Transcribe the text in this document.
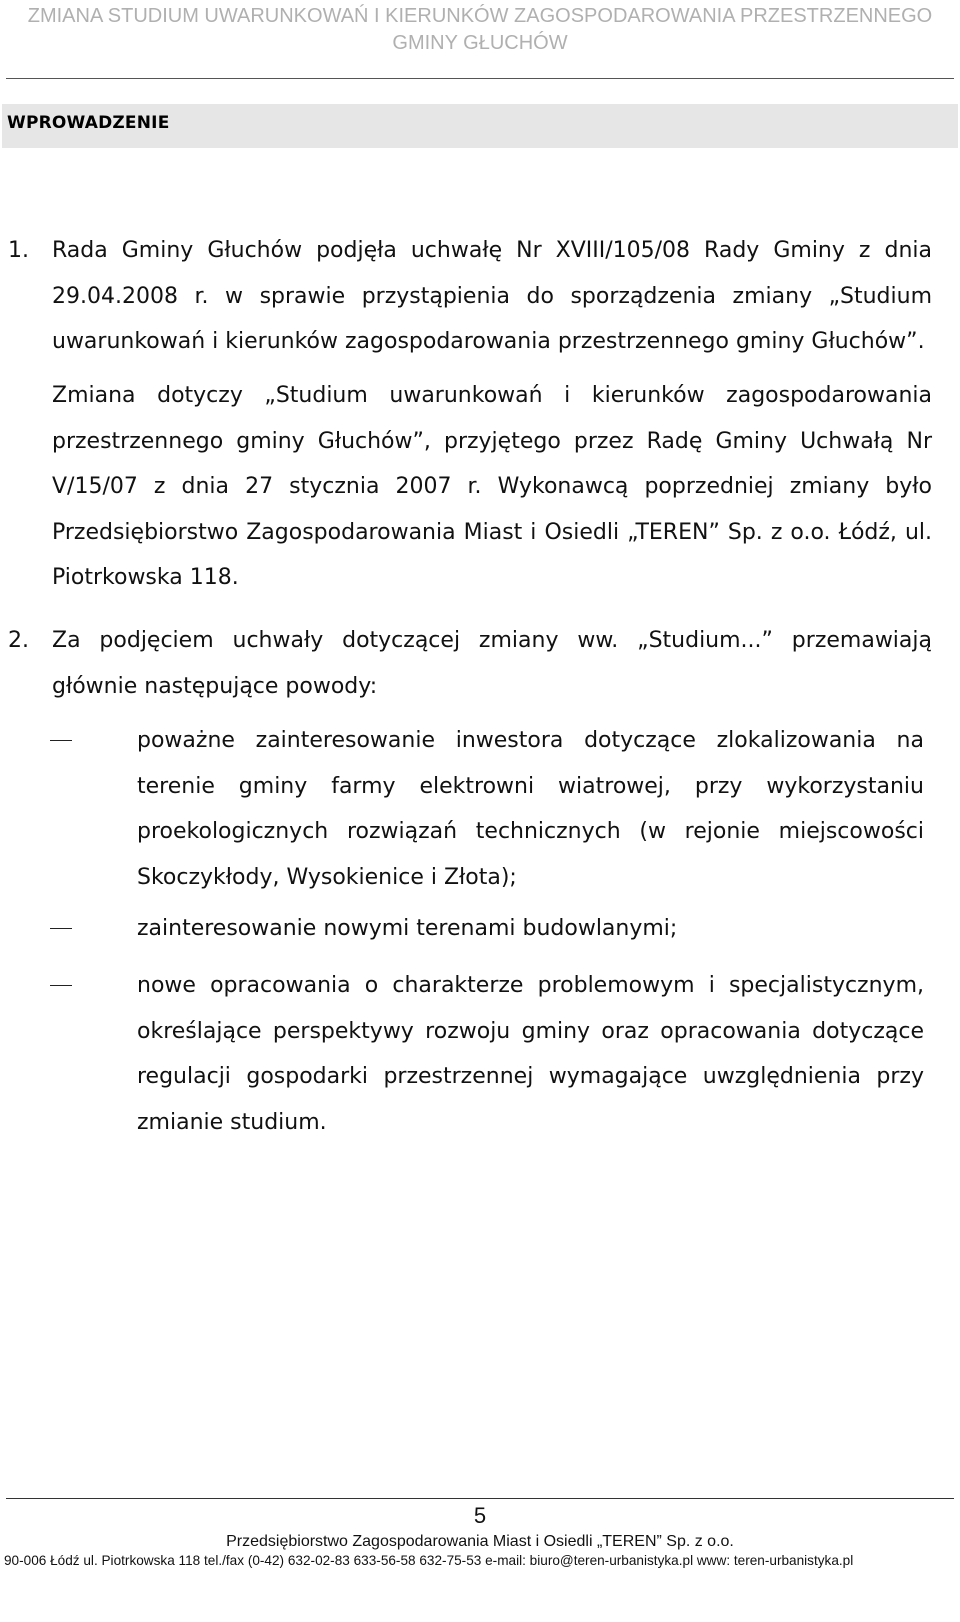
ZMIANA STUDIUM UWARUNKOWAŃ I KIERUNKÓW ZAGOSPODAROWANIA PRZESTRZENNEGO
GMINY GŁUCHÓW
WPROWADZENIE
1. Rada Gminy Głuchów podjęła uchwałę Nr XVIII/105/08 Rady Gminy z dnia 29.04.2008 r. w sprawie przystąpienia do sporządzenia zmiany „Studium uwarunkowań i kierunków zagospodarowania przestrzennego gminy Głuchów”.

Zmiana dotyczy „Studium uwarunkowań i kierunków zagospodarowania przestrzennego gminy Głuchów”, przyjętego przez Radę Gminy Uchwałą Nr V/15/07 z dnia 27 stycznia 2007 r. Wykonawcą poprzedniej zmiany było Przedsiębiorstwo Zagospodarowania Miast i Osiedli „TEREN” Sp. z o.o. Łódź, ul. Piotrkowska 118.

2. Za podjęciem uchwały dotyczącej zmiany ww. „Studium...” przemawiają głównie następujące powody:

poważne zainteresowanie inwestora dotyczące zlokalizowania na terenie gminy farmy elektrowni wiatrowej, przy wykorzystaniu proekologicznych rozwiązań technicznych (w rejonie miejscowości Skoczykłody, Wysokienice i Złota);

zainteresowanie nowymi terenami budowlanymi;

nowe opracowania o charakterze problemowym i specjalistycznym, określające perspektywy rozwoju gminy oraz opracowania dotyczące regulacji gospodarki przestrzennej wymagające uwzględnienia przy zmianie studium.

5
Przedsiębiorstwo Zagospodarowania Miast i Osiedli „TEREN” Sp. z o.o.
90-006 Łódź ul. Piotrkowska 118 tel./fax (0-42) 632-02-83 633-56-58 632-75-53 e-mail: biuro@teren-urbanistyka.pl www: teren-urbanistyka.pl
